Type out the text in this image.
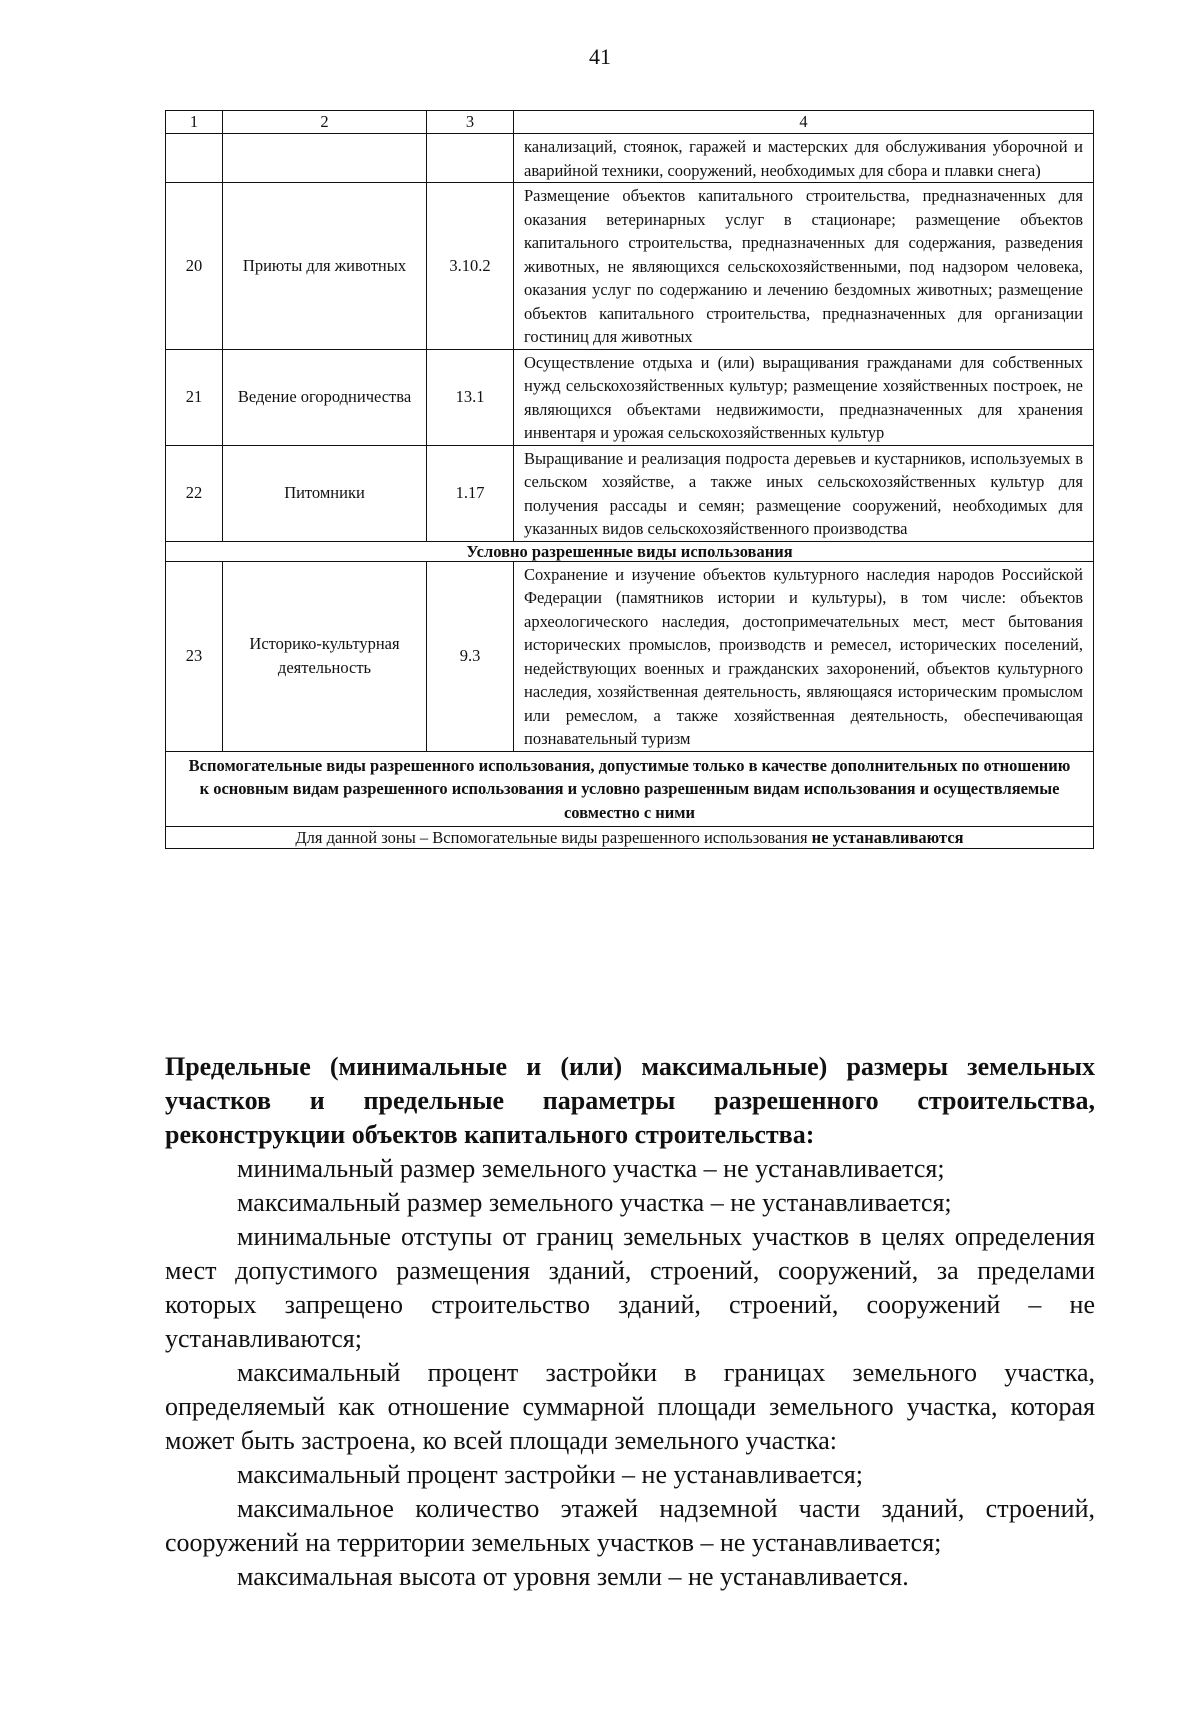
41
1	2	3	4
			канализаций, стоянок, гаражей и мастерских для обслуживания уборочной и аварийной техники, сооружений, необходимых для сбора и плавки снега)
20	Приюты для животных	3.10.2	Размещение объектов капитального строительства, предназначенных для оказания ветеринарных услуг в стационаре; размещение объектов капитального строительства, предназначенных для содержания, разведения животных, не являющихся сельскохозяйственными, под надзором человека, оказания услуг по содержанию и лечению бездомных животных; размещение объектов капитального строительства, предназначенных для организации гостиниц для животных
21	Ведение огородничества	13.1	Осуществление отдыха и (или) выращивания гражданами для собственных нужд сельскохозяйственных культур; размещение хозяйственных построек, не являющихся объектами недвижимости, предназначенных для хранения инвентаря и урожая сельскохозяйственных культур
22	Питомники	1.17	Выращивание и реализация подроста деревьев и кустарников, используемых в сельском хозяйстве, а также иных сельскохозяйственных культур для получения рассады и семян; размещение сооружений, необходимых для указанных видов сельскохозяйственного производства
Условно разрешенные виды использования			
23	Историко-культурная деятельность	9.3	Сохранение и изучение объектов культурного наследия народов Российской Федерации (памятников истории и культуры), в том числе: объектов археологического наследия, достопримечательных мест, мест бытования исторических промыслов, производств и ремесел, исторических поселений, недействующих военных и гражданских захоронений, объектов культурного наследия, хозяйственная деятельность, являющаяся историческим промыслом или ремеслом, а также хозяйственная деятельность, обеспечивающая познавательный туризм
Вспомогательные виды разрешенного использования, допустимые только в качестве дополнительных по отношению к основным видам разрешенного использования и условно разрешенным видам использования и осуществляемые совместно с ними			
Для данной зоны – Вспомогательные виды разрешенного использования не устанавливаются			
Предельные (минимальные и (или) максимальные) размеры земельных участков и предельные параметры разрешенного строительства, реконструкции объектов капитального строительства:

минимальный размер земельного участка – не устанавливается;

максимальный размер земельного участка – не устанавливается;

минимальные отступы от границ земельных участков в целях определения мест допустимого размещения зданий, строений, сооружений, за пределами которых запрещено строительство зданий, строений, сооружений – не устанавливаются;

максимальный процент застройки в границах земельного участка, определяемый как отношение суммарной площади земельного участка, которая может быть застроена, ко всей площади земельного участка:

максимальный процент застройки – не устанавливается;

максимальное количество этажей надземной части зданий, строений, сооружений на территории земельных участков – не устанавливается;

максимальная высота от уровня земли – не устанавливается.
